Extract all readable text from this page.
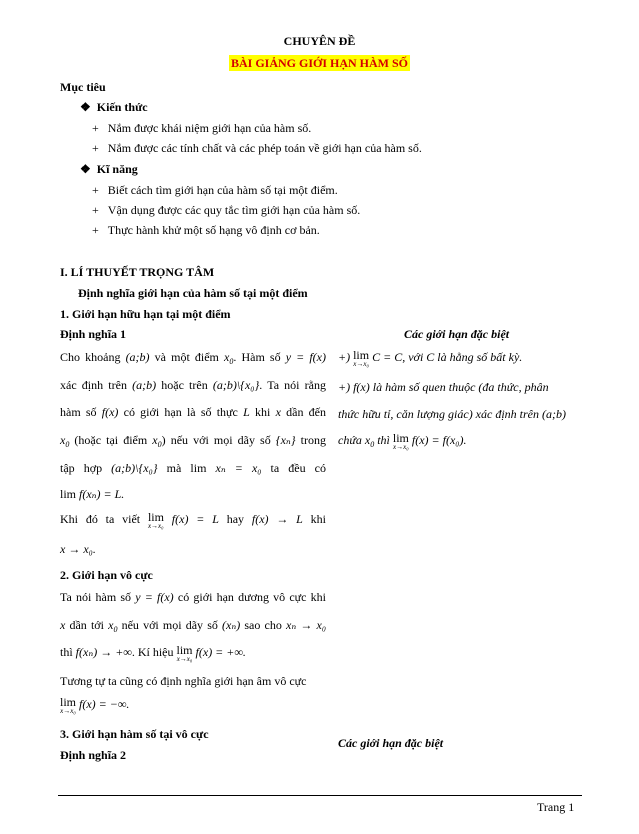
CHUYÊN ĐỀ
BÀI GIẢNG GIỚI HẠN HÀM SỐ
Mục tiêu
❖ Kiến thức
+ Nắm được khái niệm giới hạn của hàm số.
+ Nắm được các tính chất và các phép toán về giới hạn của hàm số.
❖ Kĩ năng
+ Biết cách tìm giới hạn của hàm số tại một điểm.
+ Vận dụng được các quy tắc tìm giới hạn của hàm số.
+ Thực hành khử một số hạng vô định cơ bản.
I. LÍ THUYẾT TRỌNG TÂM
Định nghĩa giới hạn của hàm số tại một điểm
1. Giới hạn hữu hạn tại một điểm
Định nghĩa 1
Cho khoảng (a;b) và một điểm $x_0$. Hàm số y = f(x)
xác định trên (a;b) hoặc trên (a;b)\{x₀}. Ta nói rằng
hàm số f(x) có giới hạn là số thực L khi x dần đến
$x_0$ (hoặc tại điểm $x_0$) nếu với mọi dãy số {xₙ} trong
tập hợp (a;b)\{x₀} mà lim xₙ = x₀ ta đều có
lim f(xₙ) = L.
Khi đó ta viết lim
x→x₀ f(x) = L hay f(x) → L khi
x → x₀.
2. Giới hạn vô cực
Ta nói hàm số y = f(x) có giới hạn dương vô cực khi
x dần tới $x_0$ nếu với mọi dãy số (xₙ) sao cho xₙ → x₀
thì f(xₙ) → +∞. Kí hiệu lim
x→x₀ f(x) = +∞.
Tương tự ta cũng có định nghĩa giới hạn âm vô cực
lim
x→x₀ f(x) = −∞.
3. Giới hạn hàm số tại vô cực
Định nghĩa 2
Các giới hạn đặc biệt
+) lim
x→x₀ C = C, với C là hằng số bất kỳ.
+) f(x) là hàm số quen thuộc (đa thức, phân
thức hữu tỉ, căn lượng giác) xác định trên (a;b)
chứa $x_0$ thì lim
x→x₀ f(x) = f(x₀).
Các giới hạn đặc biệt
Trang 1
